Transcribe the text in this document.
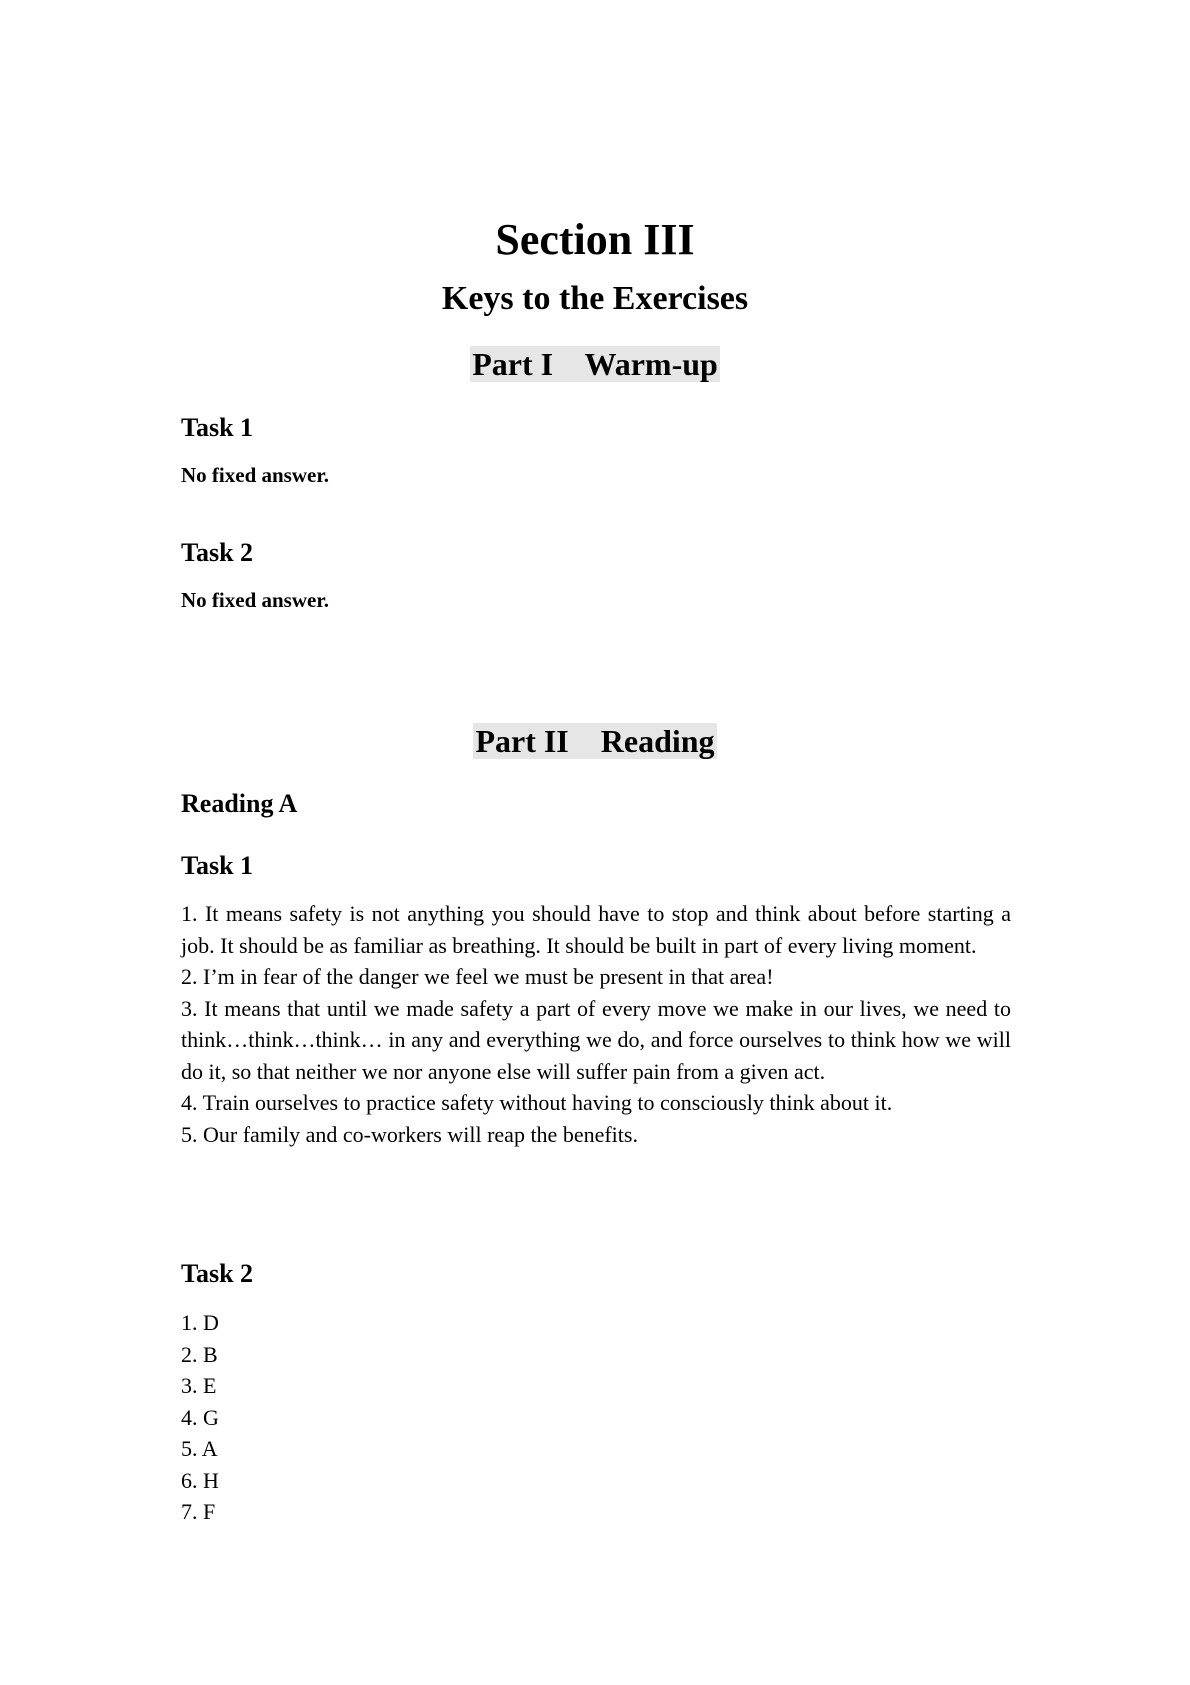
Section III
Keys to the Exercises
Part I    Warm-up
Task 1
No fixed answer.
Task 2
No fixed answer.
Part II    Reading
Reading A
Task 1

1. It means safety is not anything you should have to stop and think about before starting a job. It should be as familiar as breathing. It should be built in part of every living moment.

2. I’m in fear of the danger we feel we must be present in that area!

3. It means that until we made safety a part of every move we make in our lives, we need to think…think…think… in any and everything we do, and force ourselves to think how we will do it, so that neither we nor anyone else will suffer pain from a given act.

4. Train ourselves to practice safety without having to consciously think about it.

5. Our family and co-workers will reap the benefits.

Task 2
1. D
2. B
3. E
4. G
5. A
6. H
7. F
